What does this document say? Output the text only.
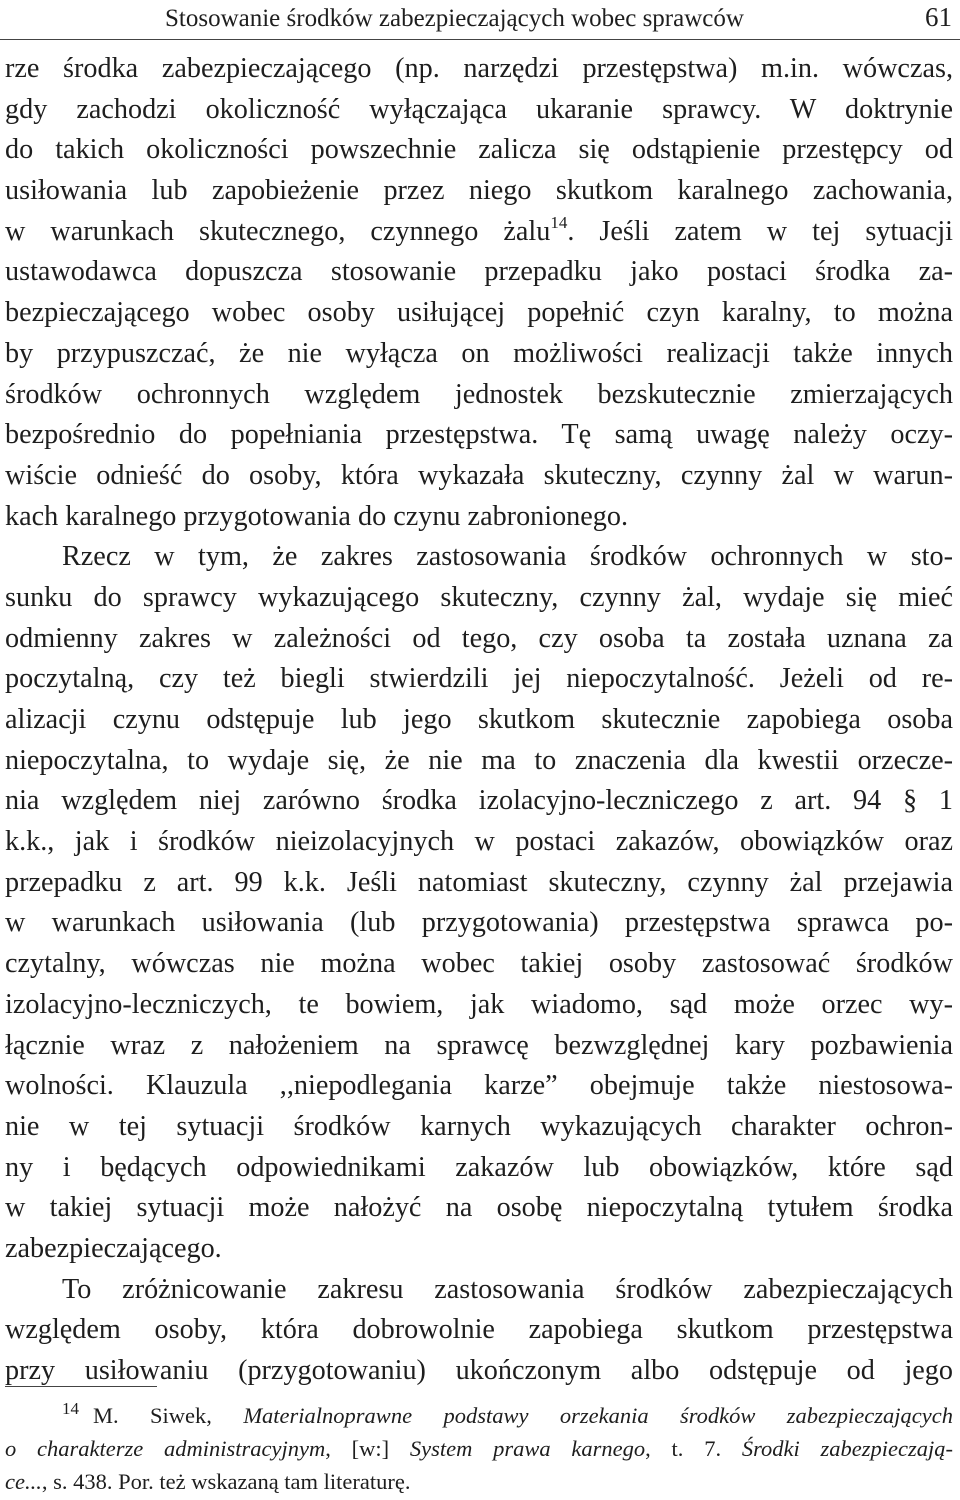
Stosowanie środków zabezpieczających wobec sprawców	61
rze środka zabezpieczającego (np. narzędzi przestępstwa) m.in. wówczas,
gdy zachodzi okoliczność wyłączająca ukaranie sprawcy. W doktrynie
do takich okoliczności powszechnie zalicza się odstąpienie przestępcy od
usiłowania lub zapobieżenie przez niego skutkom karalnego zachowania,
w warunkach skutecznego, czynnego żalu$^{14}$. Jeśli zatem w tej sytuacji
ustawodawca dopuszcza stosowanie przepadku jako postaci środka za-
bezpieczającego wobec osoby usiłującej popełnić czyn karalny, to można
by przypuszczać, że nie wyłącza on możliwości realizacji także innych
środków ochronnych względem jednostek bezskutecznie zmierzających
bezpośrednio do popełniania przestępstwa. Tę samą uwagę należy oczy-
wiście odnieść do osoby, która wykazała skuteczny, czynny żal w warun-
kach karalnego przygotowania do czynu zabronionego.
Rzecz w tym, że zakres zastosowania środków ochronnych w sto-
sunku do sprawcy wykazującego skuteczny, czynny żal, wydaje się mieć
odmienny zakres w zależności od tego, czy osoba ta została uznana za
poczytalną, czy też biegli stwierdzili jej niepoczytalność. Jeżeli od re-
alizacji czynu odstępuje lub jego skutkom skutecznie zapobiega osoba
niepoczytalna, to wydaje się, że nie ma to znaczenia dla kwestii orzecze-
nia względem niej zarówno środka izolacyjno-leczniczego z art. 94 § 1
k.k., jak i środków nieizolacyjnych w postaci zakazów, obowiązków oraz
przepadku z art. 99 k.k. Jeśli natomiast skuteczny, czynny żal przejawia
w warunkach usiłowania (lub przygotowania) przestępstwa sprawca po-
czytalny, wówczas nie można wobec takiej osoby zastosować środków
izolacyjno-leczniczych, te bowiem, jak wiadomo, sąd może orzec wy-
łącznie wraz z nałożeniem na sprawcę bezwzględnej kary pozbawienia
wolności. Klauzula ,,niepodlegania karze” obejmuje także niestosowa-
nie w tej sytuacji środków karnych wykazujących charakter ochron-
ny i będących odpowiednikami zakazów lub obowiązków, które sąd
w takiej sytuacji może nałożyć na osobę niepoczytalną tytułem środka
zabezpieczającego.
To zróżnicowanie zakresu zastosowania środków zabezpieczających
względem osoby, która dobrowolnie zapobiega skutkom przestępstwa
przy usiłowaniu (przygotowaniu) ukończonym albo odstępuje od jego
$^{14}$ M. Siwek, Materialnoprawne podstawy orzekania środków zabezpieczających
o charakterze administracyjnym, [w:] System prawa karnego, t. 7. Środki zabezpieczają-
ce..., s. 438. Por. też wskazaną tam literaturę.
